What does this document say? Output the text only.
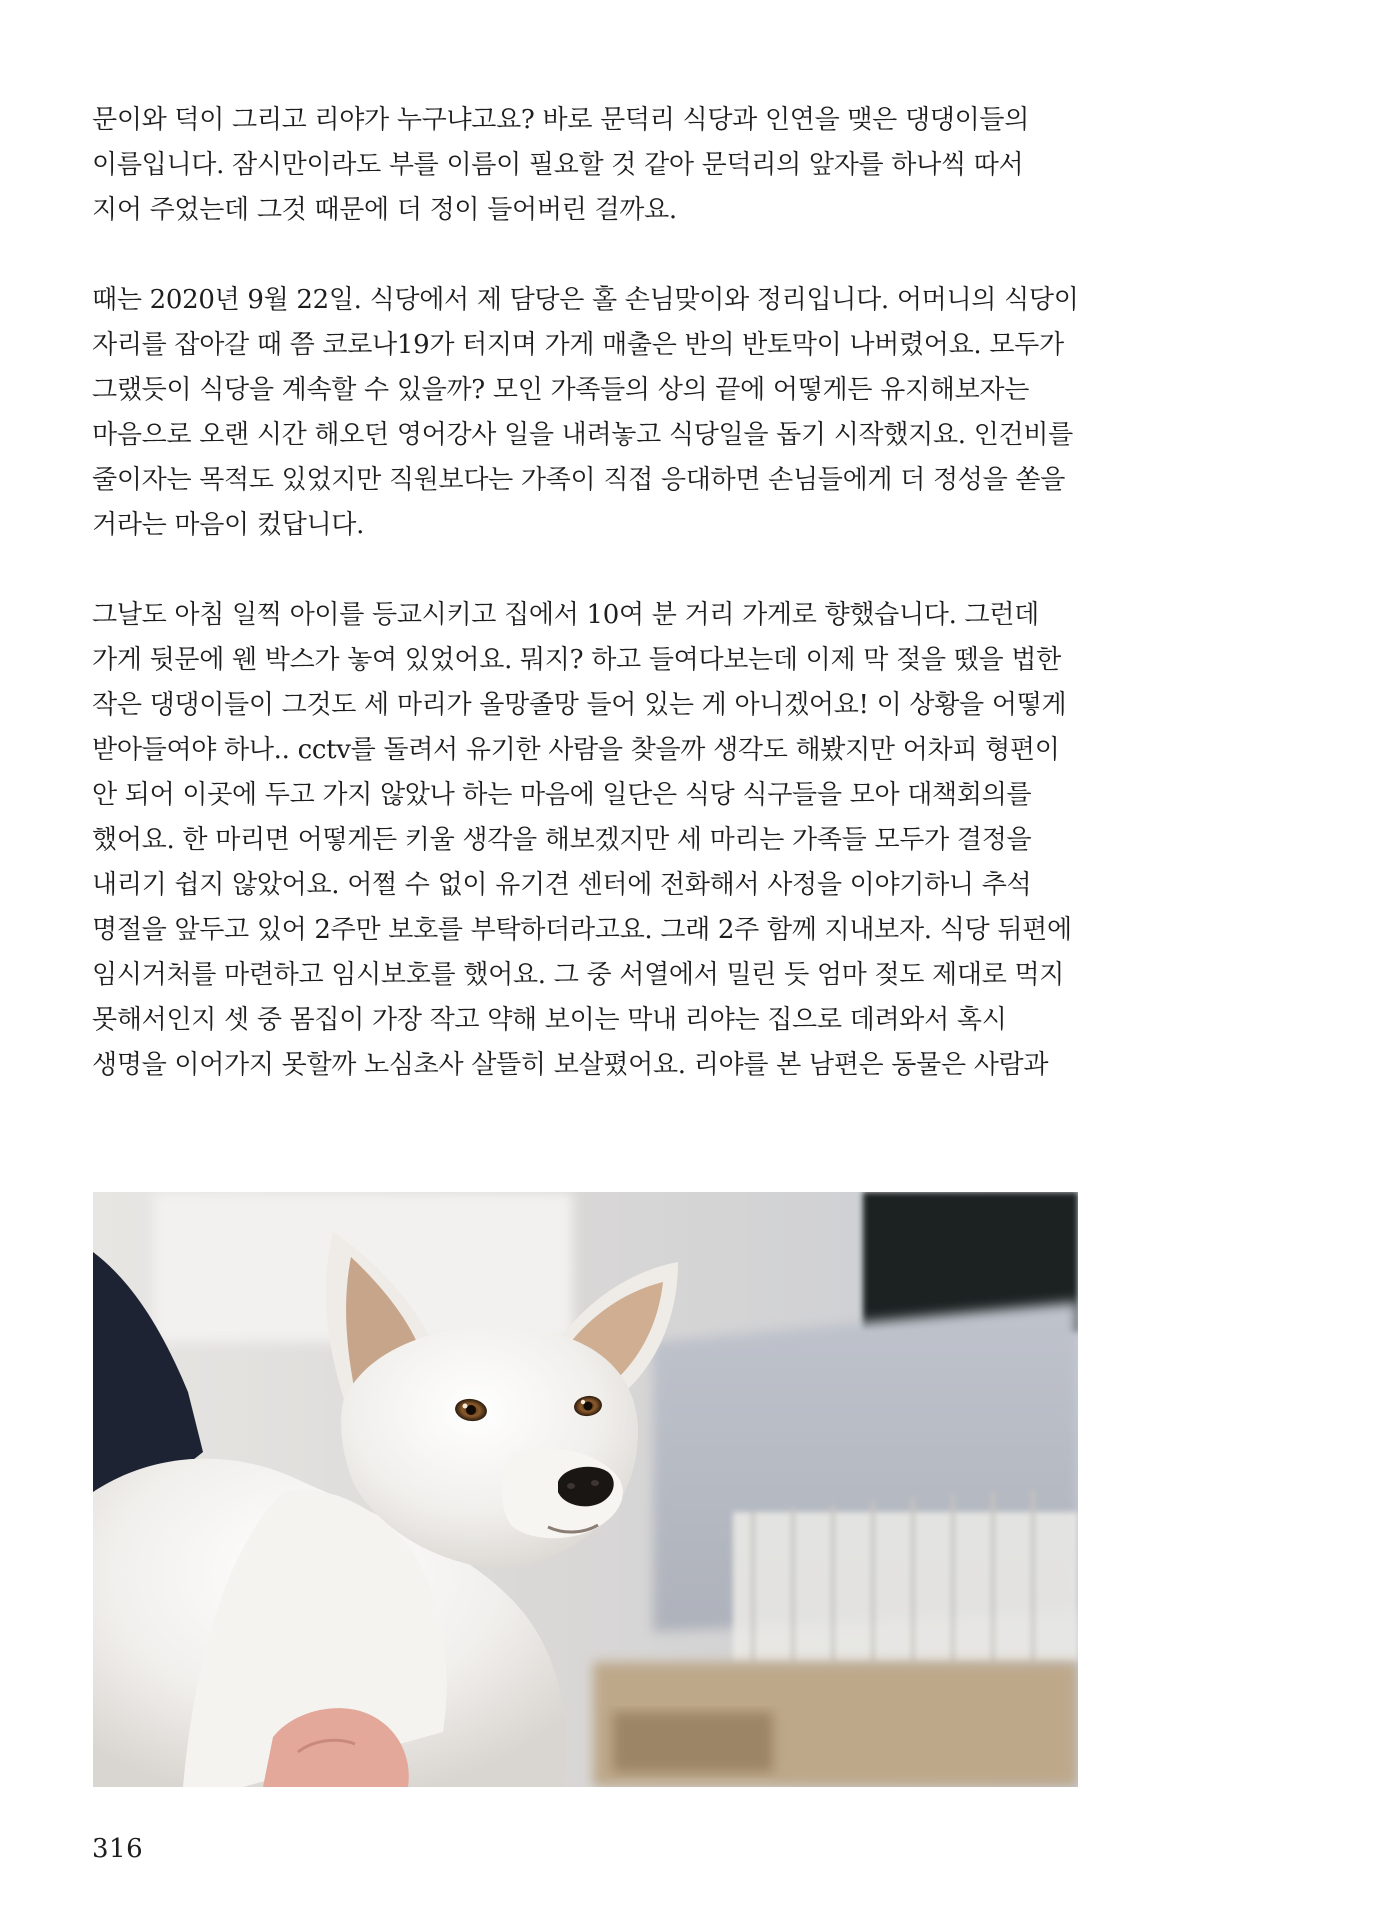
문이와 덕이 그리고 리야가 누구냐고요? 바로 문덕리 식당과 인연을 맺은 댕댕이들의
이름입니다. 잠시만이라도 부를 이름이 필요할 것 같아 문덕리의 앞자를 하나씩 따서
지어 주었는데 그것 때문에 더 정이 들어버린 걸까요.
때는 2020년 9월 22일. 식당에서 제 담당은 홀 손님맞이와 정리입니다. 어머니의 식당이
자리를 잡아갈 때 쯤 코로나19가 터지며 가게 매출은 반의 반토막이 나버렸어요. 모두가
그랬듯이 식당을 계속할 수 있을까? 모인 가족들의 상의 끝에 어떻게든 유지해보자는
마음으로 오랜 시간 해오던 영어강사 일을 내려놓고 식당일을 돕기 시작했지요. 인건비를
줄이자는 목적도 있었지만 직원보다는 가족이 직접 응대하면 손님들에게 더 정성을 쏟을
거라는 마음이 컸답니다.
그날도 아침 일찍 아이를 등교시키고 집에서 10여 분 거리 가게로 향했습니다. 그런데
가게 뒷문에 웬 박스가 놓여 있었어요. 뭐지? 하고 들여다보는데 이제 막 젖을 뗐을 법한
작은 댕댕이들이 그것도 세 마리가 올망졸망 들어 있는 게 아니겠어요! 이 상황을 어떻게
받아들여야 하나.. cctv를 돌려서 유기한 사람을 찾을까 생각도 해봤지만 어차피 형편이
안 되어 이곳에 두고 가지 않았나 하는 마음에 일단은 식당 식구들을 모아 대책회의를
했어요. 한 마리면 어떻게든 키울 생각을 해보겠지만 세 마리는 가족들 모두가 결정을
내리기 쉽지 않았어요. 어쩔 수 없이 유기견 센터에 전화해서 사정을 이야기하니 추석
명절을 앞두고 있어 2주만 보호를 부탁하더라고요. 그래 2주 함께 지내보자. 식당 뒤편에
임시거처를 마련하고 임시보호를 했어요. 그 중 서열에서 밀린 듯 엄마 젖도 제대로 먹지
못해서인지 셋 중 몸집이 가장 작고 약해 보이는 막내 리야는 집으로 데려와서 혹시
생명을 이어가지 못할까 노심초사 살뜰히 보살폈어요. 리야를 본 남편은 동물은 사람과
316
